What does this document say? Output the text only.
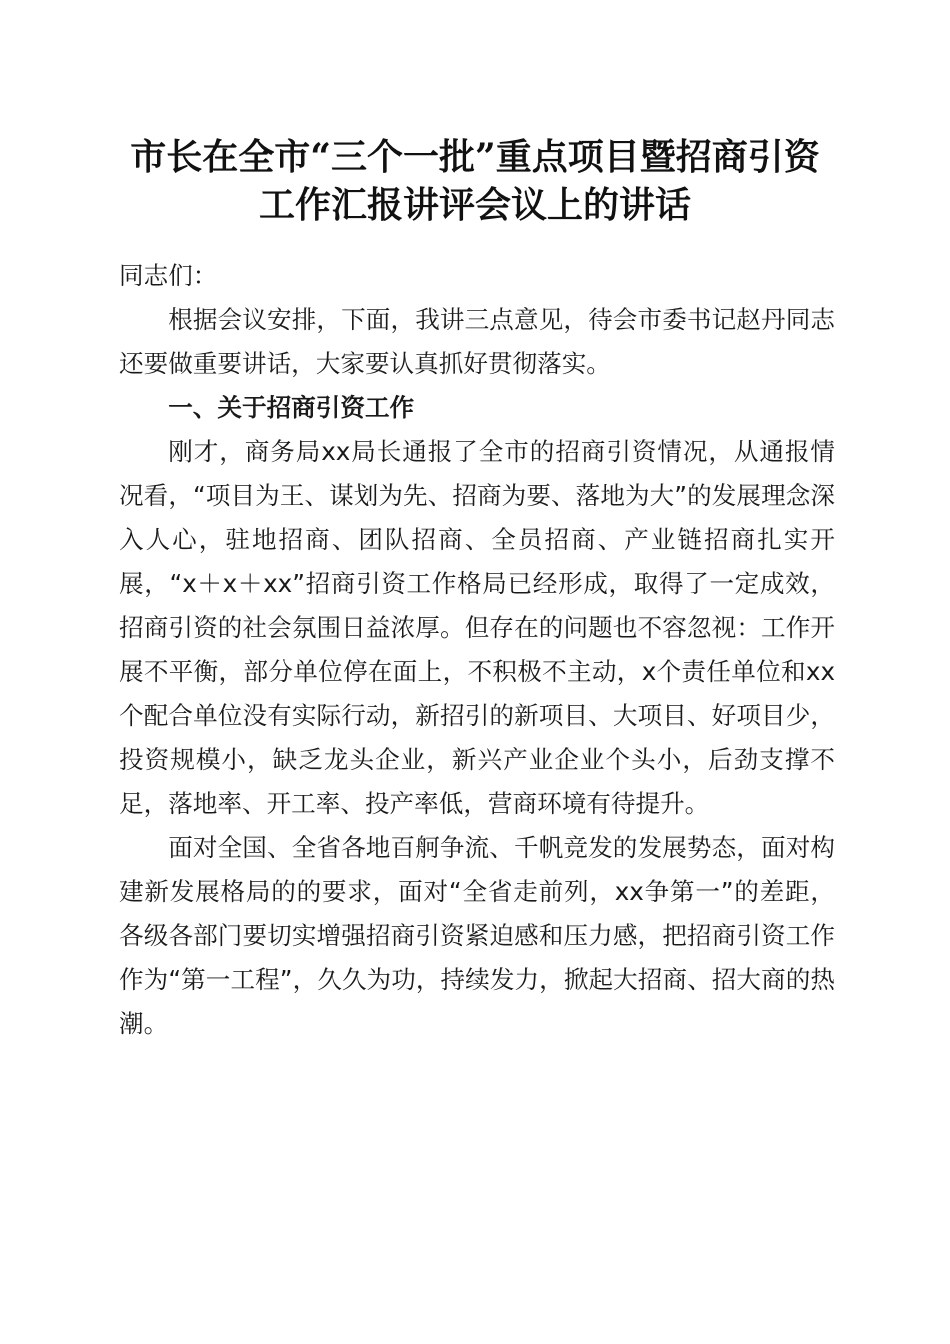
市长在全市“三个一批”重点项目暨招商引资
工作汇报讲评会议上的讲话

同志们：

根据会议安排，下面，我讲三点意见，待会市委书记赵丹同志还要做重要讲话，大家要认真抓好贯彻落实。

一、关于招商引资工作

刚才，商务局xx局长通报了全市的招商引资情况，从通报情况看，“项目为王、谋划为先、招商为要、落地为大”的发展理念深入人心，驻地招商、团队招商、全员招商、产业链招商扎实开展，“x＋x＋xx”招商引资工作格局已经形成，取得了一定成效，招商引资的社会氛围日益浓厚。但存在的问题也不容忽视：工作开展不平衡，部分单位停在面上，不积极不主动，x个责任单位和xx个配合单位没有实际行动，新招引的新项目、大项目、好项目少，投资规模小，缺乏龙头企业，新兴产业企业个头小，后劲支撑不足，落地率、开工率、投产率低，营商环境有待提升。

面对全国、全省各地百舸争流、千帆竞发的发展势态，面对构建新发展格局的的要求，面对“全省走前列，xx争第一”的差距，各级各部门要切实增强招商引资紧迫感和压力感，把招商引资工作作为“第一工程”，久久为功，持续发力，掀起大招商、招大商的热潮。
